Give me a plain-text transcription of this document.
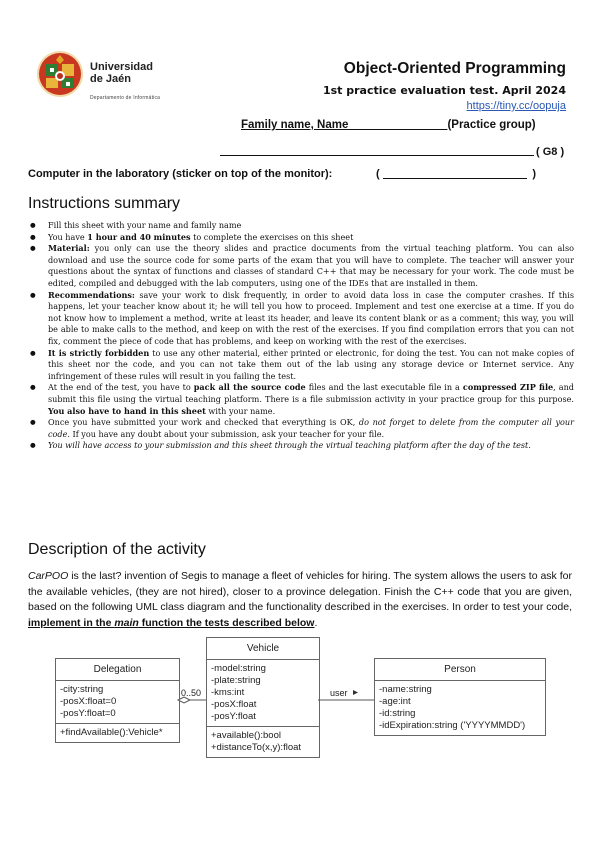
Universidad
de Jaén
Departamento de Informática
Object-Oriented Programming
1st practice evaluation test. April 2024
https://tiny.cc/oopuja
Family name, Name	(Practice group)
( G8 )
Computer in the laboratory (sticker on top of the monitor):	(	)
Instructions summary
● Fill this sheet with your name and family name
● You have 1 hour and 40 minutes to complete the exercises on this sheet
● Material: you only can use the theory slides and practice documents from the virtual teaching platform. You can also download and use the source code for some parts of the exam that you will have to complete. The teacher will answer your questions about the syntax of functions and classes of standard C++ that may be necessary for your work. The code must be edited, compiled and debugged with the lab computers, using one of the IDEs that are installed in them.
● Recommendations: save your work to disk frequently, in order to avoid data loss in case the computer crashes. If this happens, let your teacher know about it; he will tell you how to proceed. Implement and test one exercise at a time. If you do not know how to implement a method, write at least its header, and leave its content blank or as a comment; this way, you will be able to make calls to the method, and keep on with the rest of the exercises. If you find compilation errors that you can not fix, comment the piece of code that has problems, and keep on working with the rest of the exercises.
● It is strictly forbidden to use any other material, either printed or electronic, for doing the test. You can not make copies of this sheet nor the code, and you can not take them out of the lab using any storage device or Internet service. Any infringement of these rules will result in you failing the test.
● At the end of the test, you have to pack all the source code files and the last executable file in a compressed ZIP file, and submit this file using the virtual teaching platform. There is a file submission activity in your practice group for this purpose. You also have to hand in this sheet with your name.
● Once you have submitted your work and checked that everything is OK, do not forget to delete from the computer all your code. If you have any doubt about your submission, ask your teacher for your file.
● You will have access to your submission and this sheet through the virtual teaching platform after the day of the test.
Description of the activity
CarPOO is the last? invention of Segis to manage a fleet of vehicles for hiring. The system allows the users to ask for the available vehicles, (they are not hired), closer to a province delegation. Finish the C++ code that you are given, based on the following UML class diagram and the functionality described in the exercises. In order to test your code, implement in the main function the tests described below.
Delegation
-city:string
-posX:float=0
-posY:float=0
+findAvailable():Vehicle*
Vehicle
-model:string
-plate:string
-kms:int
-posX:float
-posY:float
+available():bool
+distanceTo(x,y):float
Person
-name:string
-age:int
-id:string
-idExpiration:string ('YYYYMMDD')
0..50	user
